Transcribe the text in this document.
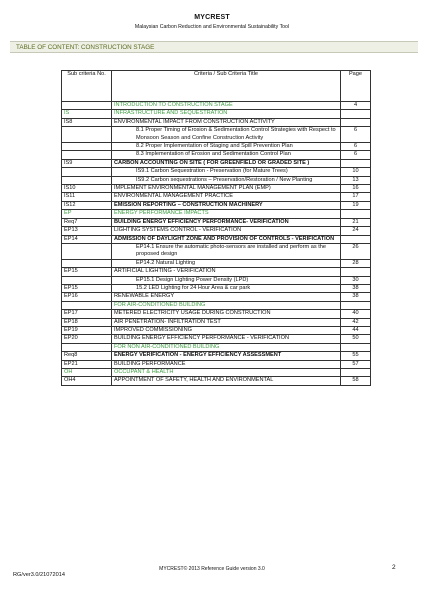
MYCREST
Malaysian Carbon Reduction and Environmental Sustainability Tool
TABLE OF CONTENT: CONSTRUCTION STAGE
Sub criteria No.	Criteria / Sub Criteria Title	Page
	INTRODUCTION TO CONSTRUCTION STAGE	4
IS	INFRASTRUCTURE AND SEQUESTRATION	
IS8	ENVIRONMENTAL IMPACT FROM CONSTRUCTION ACTIVITY	
	8.1 Proper Timing of Erosion & Sedimentation Control Strategies with Respect to Monsoon Season and Confine Construction Activity	6
	8.2 Proper Implementation of Staging and Spill Prevention Plan	6
	8.3 Implementation of Erosion and Sedimentation Control Plan	6
IS9	CARBON ACCOUNTING ON SITE ( FOR GREENFIELD OR GRADED SITE )	
	IS9.1 Carbon Sequestration - Preservation (for Mature Trees)	10
	IS9.2 Carbon sequestrations – Preservation/Restoration / New Planting	13
IS10	IMPLEMENT ENVIRONMENTAL MANAGEMENT PLAN (EMP)	16
IS11	ENVIRONMENTAL MANAGEMENT PRACTICE	17
IS12	EMISSION REPORTING – CONSTRUCTION MACHINERY	19
EP	ENERGY PERFORMANCE IMPACTS	
Req7	BUILDING ENERGY EFFICIENCY PERFORMANCE- VERIFICATION	21
EP13	LIGHTING SYSTEMS CONTROL - VERIFICATION	24
EP14	ADMISSION OF DAYLIGHT ZONE AND PROVISION OF CONTROLS - VERIFICATION	
	EP14.1 Ensure the automatic photo-sensors are installed and perform as the proposed design	26
	EP14.2 Natural Lighting	28
EP15	ARTIFICIAL LIGHTING - VERIFICATION	
	EP15.1 Design Lighting Power Density (LPD)	30
EP15	15.2 LED Lighting for 24 Hour Area & car park	38
EP16	RENEWABLE ENERGY	38
	FOR AIR-CONDITIONED BUILDING	
EP17	METERED ELECTRICITY USAGE DURING CONSTRUCTION	40
EP18	AIR PENETRATION- INFILTRATION TEST	42
EP19	IMPROVED COMMISSIONING	44
EP20	BUILDING ENERGY EFFICIENCY PERFORMANCE - VERIFICATION	50
	FOR NON AIR-CONDITIONED BUILDING	
Req8	ENERGY VERIFICATION - ENERGY EFFICIENCY ASSESSMENT	55
EP21	BUILDING PERFORMANCE	57
OH	OCCUPANT & HEALTH	
OH4	APPOINTMENT OF SAFETY, HEALTH AND ENVIRONMENTAL	58
RG/ver3.0/21072014
MYCREST© 2013 Reference Guide version 3.0	2
